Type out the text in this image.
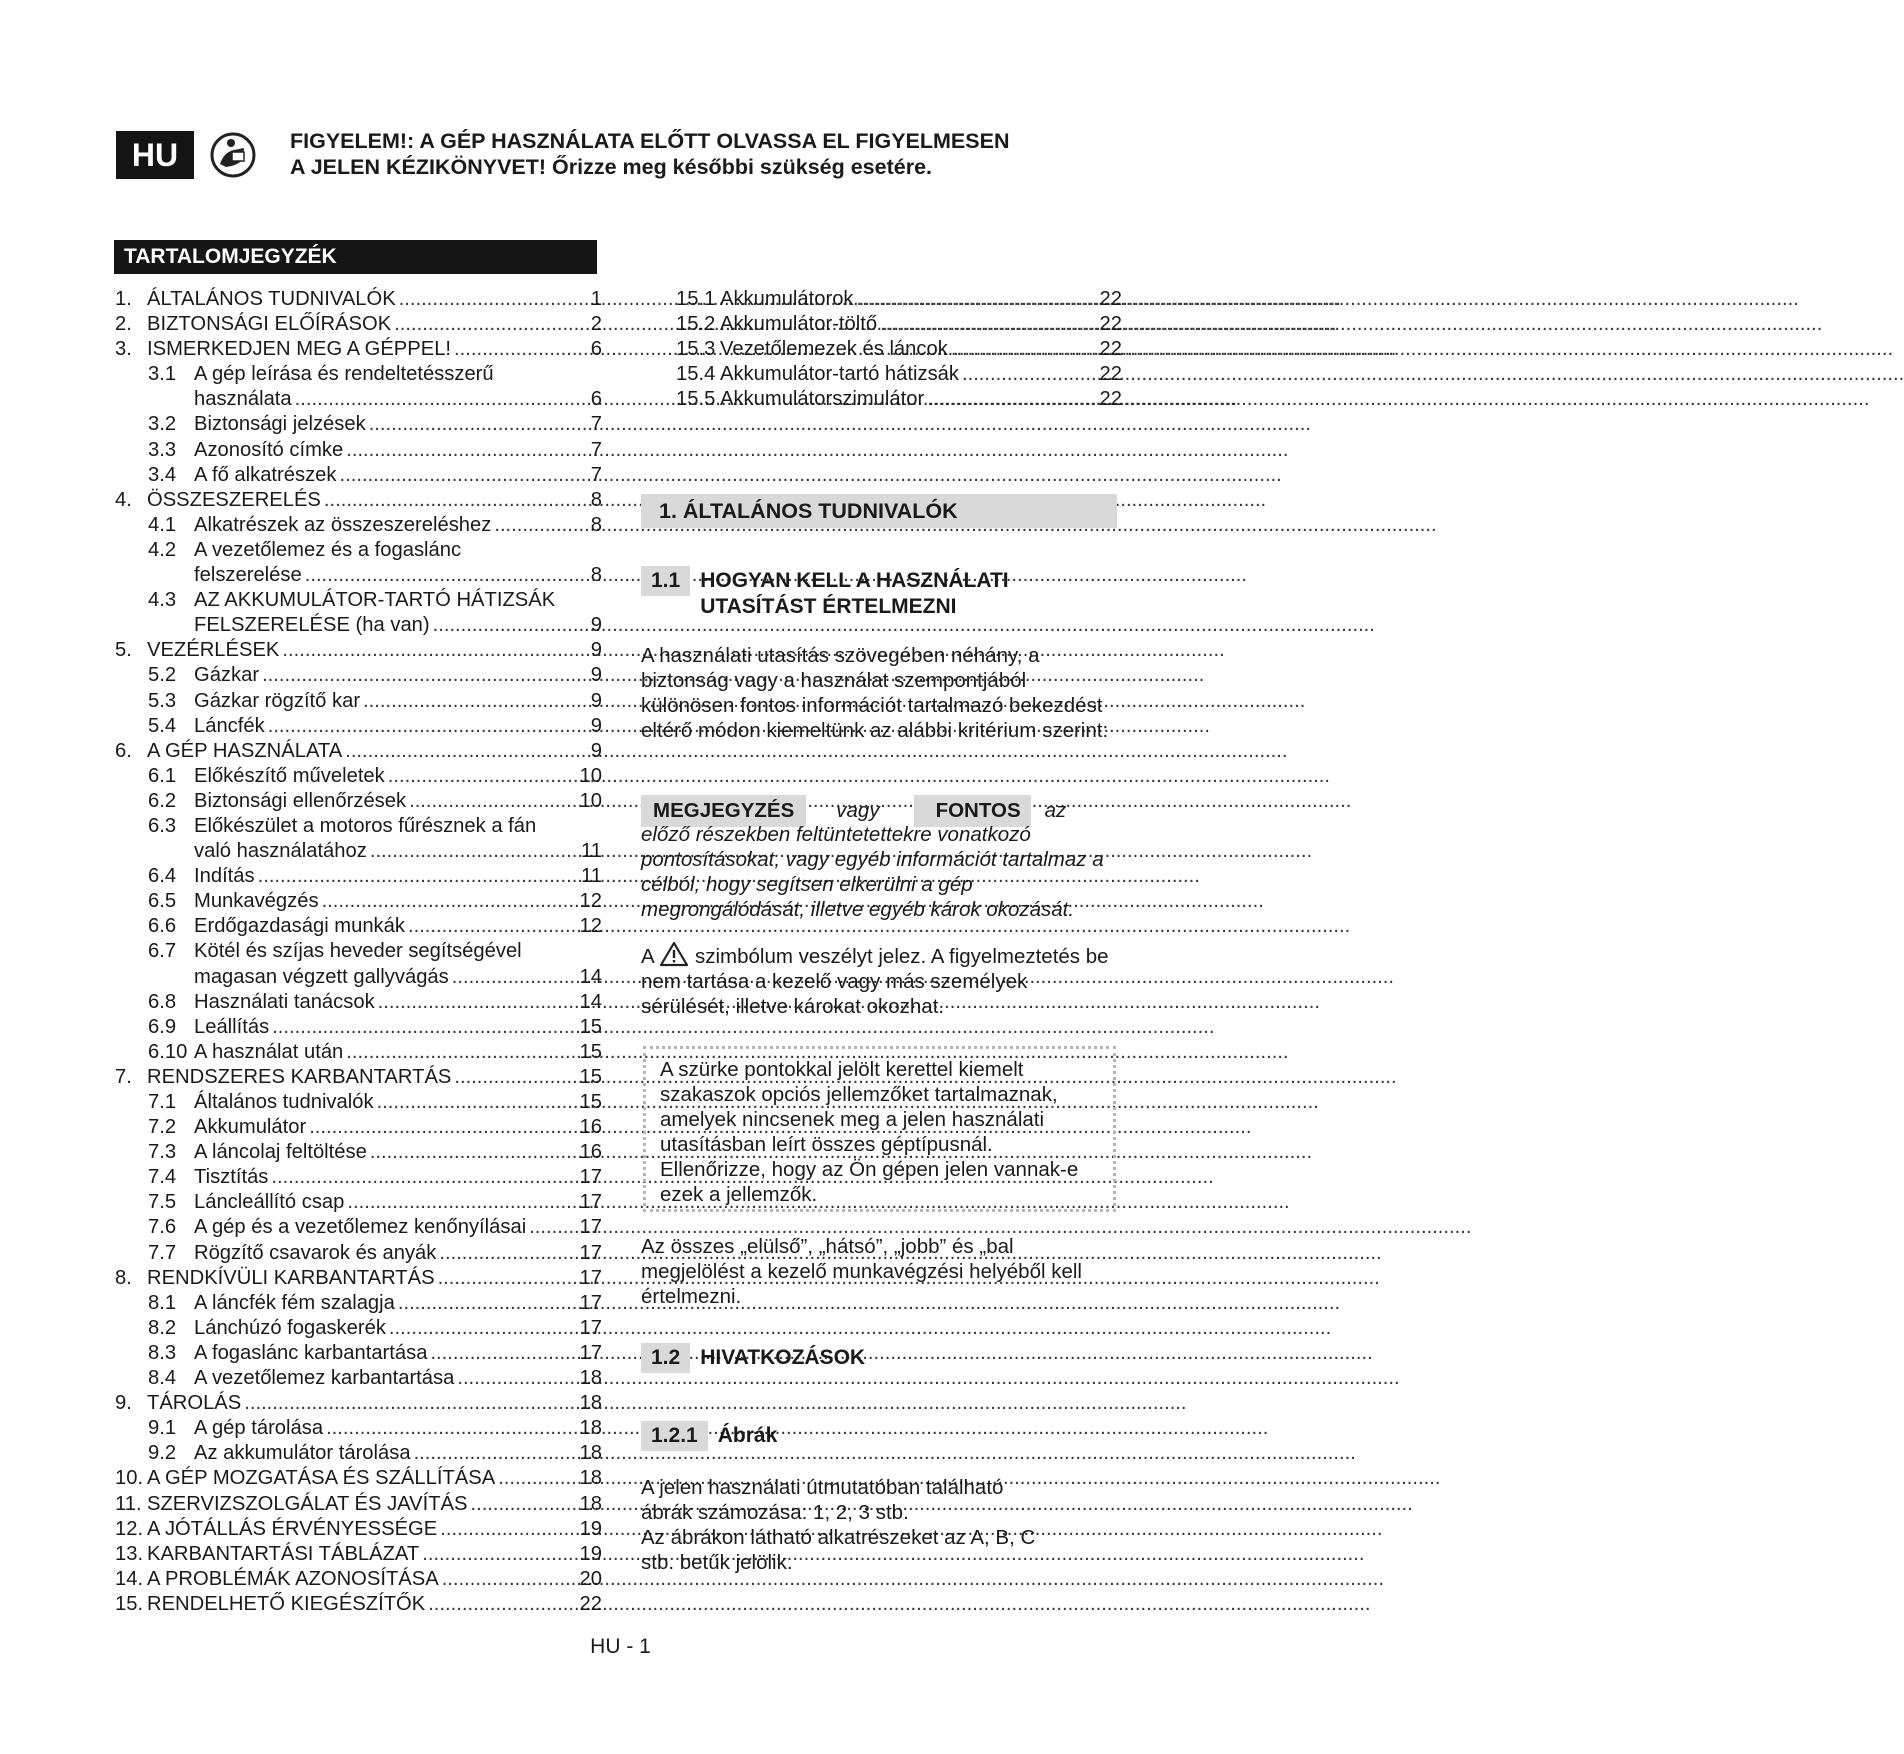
HU	FIGYELEM!: A GÉP HASZNÁLATA ELŐTT OLVASSA EL FIGYELMESEN
A JELEN KÉZIKÖNYVET! Őrizze meg későbbi szükség esetére.
TARTALOMJEGYZÉK
1. ÁLTALÁNOS TUDNIVALÓK .....	1
2. BIZTONSÁGI ELŐÍRÁSOK .....	2
3. ISMERKEDJEN MEG A GÉPPEL! .....	6
3.1 A gép leírása és rendeltetésszerű
használata .....	6
3.2 Biztonsági jelzések .....	7
3.3 Azonosító címke .....	7
3.4 A fő alkatrészek .....	7
4. ÖSSZESZERELÉS .....	8
4.1 Alkatrészek az összeszereléshez .....	8
4.2 A vezetőlemez és a fogaslánc
felszerelése .....	8
4.3 AZ AKKUMULÁTOR-TARTÓ HÁTIZSÁK
FELSZERELÉSE (ha van) .....	9
5. VEZÉRLÉSEK .....	9
5.2 Gázkar .....	9
5.3 Gázkar rögzítő kar .....	9
5.4 Láncfék .....	9
6. A GÉP HASZNÁLATA .....	9
6.1 Előkészítő műveletek .....	10
6.2 Biztonsági ellenőrzések .....	10
6.3 Előkészület a motoros fűrésznek a fán
való használatához .....	11
6.4 Indítás .....	11
6.5 Munkavégzés .....	12
6.6 Erdőgazdasági munkák .....	12
6.7 Kötél és szíjas heveder segítségével
magasan végzett gallyvágás .....	14
6.8 Használati tanácsok .....	14
6.9 Leállítás .....	15
6.10 A használat után .....	15
7. RENDSZERES KARBANTARTÁS .....	15
7.1 Általános tudnivalók .....	15
7.2 Akkumulátor .....	16
7.3 A láncolaj feltöltése .....	16
7.4 Tisztítás .....	17
7.5 Láncleállító csap .....	17
7.6 A gép és a vezetőlemez kenőnyílásai .....	17
7.7 Rögzítő csavarok és anyák .....	17
8. RENDKÍVÜLI KARBANTARTÁS .....	17
8.1 A láncfék fém szalagja .....	17
8.2 Lánchúzó fogaskerék .....	17
8.3 A fogaslánc karbantartása .....	17
8.4 A vezetőlemez karbantartása .....	18
9. TÁROLÁS .....	18
9.1 A gép tárolása .....	18
9.2 Az akkumulátor tárolása .....	18
10. A GÉP MOZGATÁSA ÉS SZÁLLÍTÁSA .....	18
11. SZERVIZSZOLGÁLAT ÉS JAVÍTÁS .....	18
12. A JÓTÁLLÁS ÉRVÉNYESSÉGE .....	19
13. KARBANTARTÁSI TÁBLÁZAT .....	19
14. A PROBLÉMÁK AZONOSÍTÁSA .....	20
15. RENDELHETŐ KIEGÉSZÍTŐK .....	22
15.1 Akkumulátorok .....	22
15.2 Akkumulátor-töltő .....	22
15.3 Vezetőlemezek és láncok .....	22
15.4 Akkumulátor-tartó hátizsák .....	22
15.5 Akkumulátorszimulátor .....	22
1. ÁLTALÁNOS TUDNIVALÓK
1.1 HOGYAN KELL A HASZNÁLATI
UTASÍTÁST ÉRTELMEZNI
A használati utasítás szövegében néhány, a biztonság vagy a használat szempontjából különösen fontos információt tartalmazó bekezdést eltérő módon kiemeltünk az alábbi kritérium szerint:
MEGJEGYZÉS	vagy	FONTOS	az
előző részekben feltüntetettekre vonatkozó pontosításokat, vagy egyéb információt tartalmaz a célból, hogy segítsen elkerülni a gép megrongálódását, illetve egyéb károk okozását.
A szimbólum veszélyt jelez. A figyelmeztetés be nem tartása a kezelő vagy más személyek sérülését, illetve károkat okozhat.
A szürke pontokkal jelölt kerettel kiemelt szakaszok opciós jellemzőket tartalmaznak, amelyek nincsenek meg a jelen használati utasításban leírt összes géptípusnál. Ellenőrizze, hogy az Ön gépen jelen vannak-e ezek a jellemzők.
Az összes „elülső”, „hátsó”, „jobb” és „bal megjelölést a kezelő munkavégzési helyéből kell értelmezni.
1.2 HIVATKOZÁSOK
1.2.1 Ábrák
A jelen használati útmutatóban található ábrák számozása: 1, 2, 3 stb.
Az ábrákon látható alkatrészeket az A, B, C stb. betűk jelölik.
HU - 1
